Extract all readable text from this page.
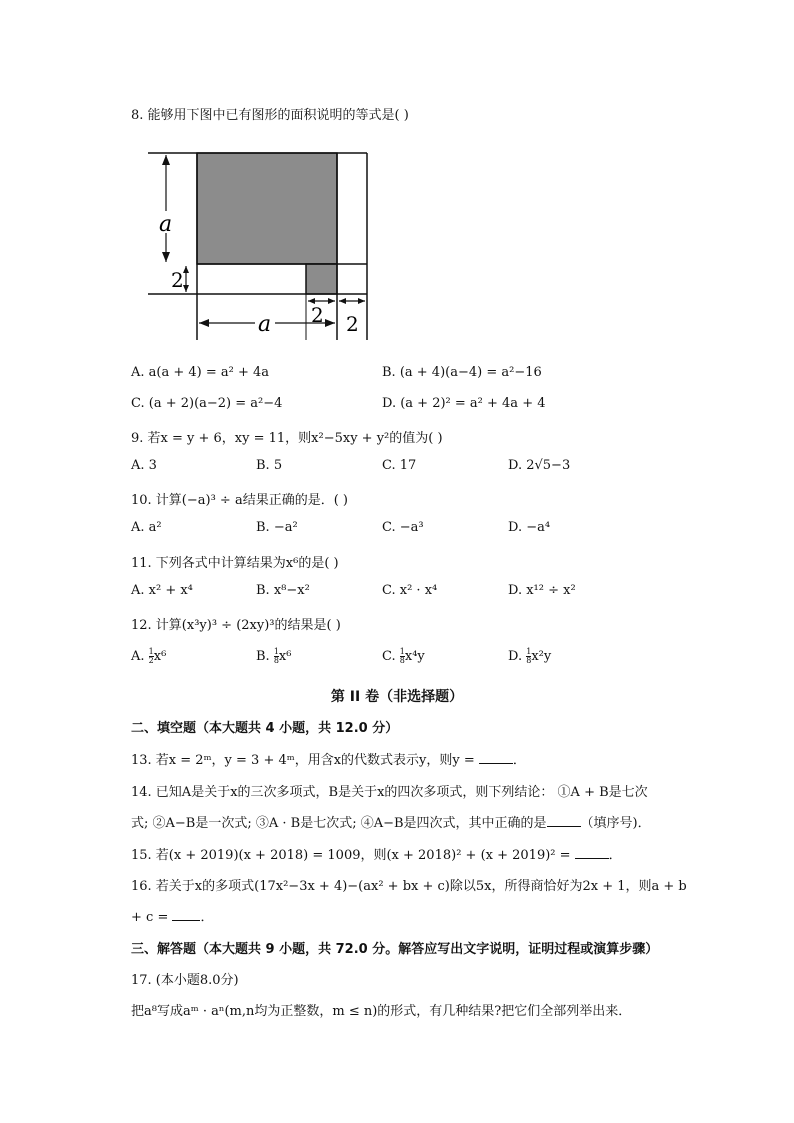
8. 能够用下图中已有图形的面积说明的等式是( )
a
2
a 2 2
A. a(a + 4) = a² + 4a	B. (a + 4)(a−4) = a²−16
C. (a + 2)(a−2) = a²−4	D. (a + 2)² = a² + 4a + 4
9. 若x = y + 6，xy = 11，则x²−5xy + y²的值为( )
A. 3	B. 5	C. 17	D. 2√5−3
10. 计算(−a)³ ÷ a结果正确的是．( )
A. a²	B. −a²	C. −a³	D. −a⁴
11. 下列各式中计算结果为x⁶的是( )
A. x² + x⁴	B. x⁸−x²	C. x² · x⁴	D. x¹² ÷ x²
12. 计算(x³y)³ ÷ (2xy)³的结果是( )
A. $\frac{1}{2} x^6$	B. $\frac{1}{8} x^6$	C. $\frac{1}{8} x^4y$	D. $\frac{1}{8} x^2y$
第 II 卷（非选择题）
二、填空题（本大题共 4 小题，共 12.0 分）
13. 若x = 2ᵐ，y = 3 + 4ᵐ，用含x的代数式表示y，则y =	．
14. 已知A是关于x的三次多项式，B是关于x的四次多项式，则下列结论： ①A + B是七次
式; ②A−B是一次式; ③A · B是七次式; ④A−B是四次式，其中正确的是	（填序号)．
15. 若(x + 2019)(x + 2018) = 1009，则(x + 2018)² + (x + 2019)² =	．
16. 若关于x的多项式(17x²−3x + 4)−(ax² + bx + c)除以5x，所得商恰好为2x + 1，则a + b
+ c = ．
三、解答题（本大题共 9 小题，共 72.0 分。解答应写出文字说明，证明过程或演算步骤）
17. (本小题8.0分)
把a⁸写成aᵐ · aⁿ(m,n均为正整数，m ≤ n)的形式，有几种结果?把它们全部列举出来．
